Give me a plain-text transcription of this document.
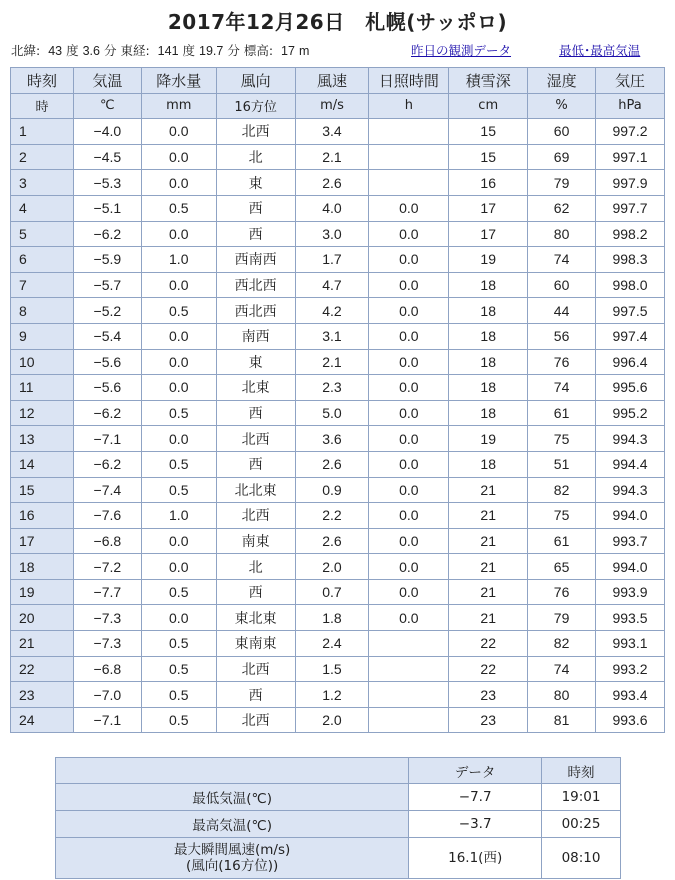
2017年12月26日　札幌(サッポロ)
北緯: 43 度 3.6 分 東経: 141 度 19.7 分 標高: 17 m	昨日の観測データ	最低･最高気温
時刻	気温	降水量	風向	風速	日照時間	積雪深	湿度	気圧
時	℃	mm	16方位	m/s	h	cm	%	hPa
1	−4.0	0.0	北西	3.4		15	60	997.2
2	−4.5	0.0	北	2.1		15	69	997.1
3	−5.3	0.0	東	2.6		16	79	997.9
4	−5.1	0.5	西	4.0	0.0	17	62	997.7
5	−6.2	0.0	西	3.0	0.0	17	80	998.2
6	−5.9	1.0	西南西	1.7	0.0	19	74	998.3
7	−5.7	0.0	西北西	4.7	0.0	18	60	998.0
8	−5.2	0.5	西北西	4.2	0.0	18	44	997.5
9	−5.4	0.0	南西	3.1	0.0	18	56	997.4
10	−5.6	0.0	東	2.1	0.0	18	76	996.4
11	−5.6	0.0	北東	2.3	0.0	18	74	995.6
12	−6.2	0.5	西	5.0	0.0	18	61	995.2
13	−7.1	0.0	北西	3.6	0.0	19	75	994.3
14	−6.2	0.5	西	2.6	0.0	18	51	994.4
15	−7.4	0.5	北北東	0.9	0.0	21	82	994.3
16	−7.6	1.0	北西	2.2	0.0	21	75	994.0
17	−6.8	0.0	南東	2.6	0.0	21	61	993.7
18	−7.2	0.0	北	2.0	0.0	21	65	994.0
19	−7.7	0.5	西	0.7	0.0	21	76	993.9
20	−7.3	0.0	東北東	1.8	0.0	21	79	993.5
21	−7.3	0.5	東南東	2.4		22	82	993.1
22	−6.8	0.5	北西	1.5		22	74	993.2
23	−7.0	0.5	西	1.2		23	80	993.4
24	−7.1	0.5	北西	2.0		23	81	993.6
	データ	時刻
最低気温(℃)	−7.7	19:01
最高気温(℃)	−3.7	00:25

最大瞬間風速(m/s)
(風向(16方位))	16.1(西)	08:10
